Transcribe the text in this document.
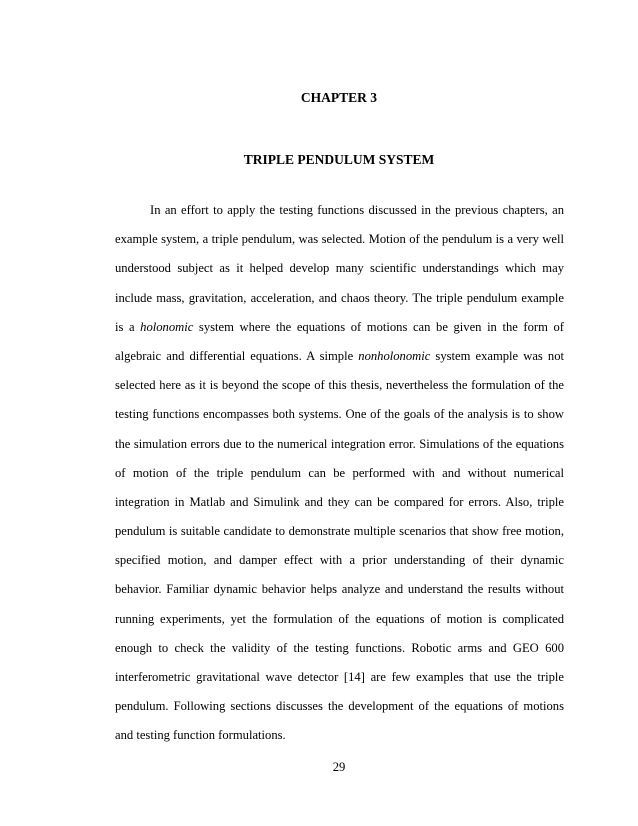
CHAPTER 3
TRIPLE PENDULUM SYSTEM
In an effort to apply the testing functions discussed in the previous chapters, an
example system, a triple pendulum, was selected. Motion of the pendulum is a very well
understood subject as it helped develop many scientific understandings which may
include mass, gravitation, acceleration, and chaos theory. The triple pendulum example
is a holonomic system where the equations of motions can be given in the form of
algebraic and differential equations. A simple nonholonomic system example was not
selected here as it is beyond the scope of this thesis, nevertheless the formulation of the
testing functions encompasses both systems. One of the goals of the analysis is to show
the simulation errors due to the numerical integration error. Simulations of the equations
of motion of the triple pendulum can be performed with and without numerical
integration in Matlab and Simulink and they can be compared for errors. Also, triple
pendulum is suitable candidate to demonstrate multiple scenarios that show free motion,
specified motion, and damper effect with a prior understanding of their dynamic
behavior. Familiar dynamic behavior helps analyze and understand the results without
running experiments, yet the formulation of the equations of motion is complicated
enough to check the validity of the testing functions. Robotic arms and GEO 600
interferometric gravitational wave detector [14] are few examples that use the triple
pendulum. Following sections discusses the development of the equations of motions
and testing function formulations.
29
